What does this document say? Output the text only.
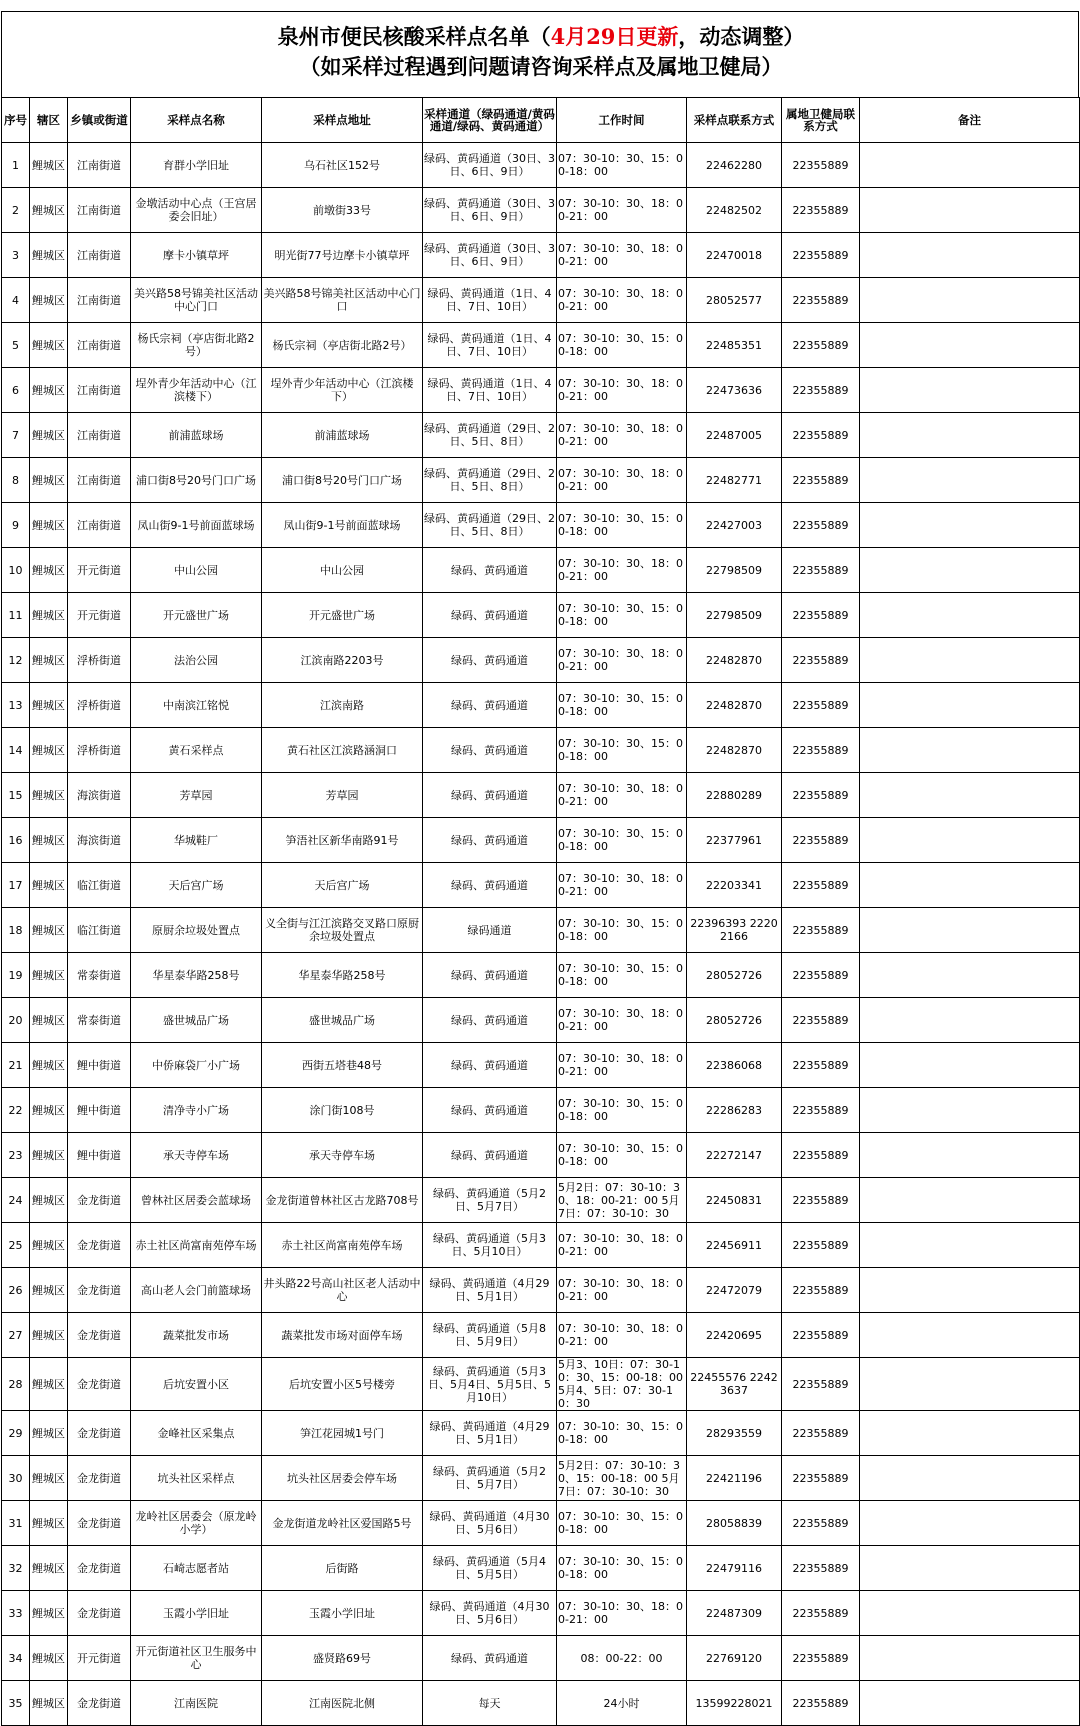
泉州市便民核酸采样点名单（4月29日更新，动态调整）
（如采样过程遇到问题请咨询采样点及属地卫健局）
序号	辖区	乡镇或街道	采样点名称	采样点地址	采样通道（绿码通道/黄码通道/绿码、黄码通道）	工作时间	采样点联系方式	属地卫健局联系方式	备注
1	鲤城区	江南街道	育群小学旧址	乌石社区152号	绿码、黄码通道（30日、3日、6日、9日）	07：30-10：30、15：00-18：00	22462280	22355889	
2	鲤城区	江南街道	金墩活动中心点（王宫居委会旧址）	前墩街33号	绿码、黄码通道（30日、3日、6日、9日）	07：30-10：30、18：00-21：00	22482502	22355889	
3	鲤城区	江南街道	摩卡小镇草坪	明光街77号边摩卡小镇草坪	绿码、黄码通道（30日、3日、6日、9日）	07：30-10：30、18：00-21：00	22470018	22355889	
4	鲤城区	江南街道	美兴路58号锦美社区活动中心门口	美兴路58号锦美社区活动中心门口	绿码、黄码通道（1日、4日、7日、10日）	07：30-10：30、18：00-21：00	28052577	22355889	
5	鲤城区	江南街道	杨氏宗祠（亭店街北路2号）	杨氏宗祠（亭店街北路2号）	绿码、黄码通道（1日、4日、7日、10日）	07：30-10：30、15：00-18：00	22485351	22355889	
6	鲤城区	江南街道	埕外青少年活动中心（江滨楼下）	埕外青少年活动中心（江滨楼下）	绿码、黄码通道（1日、4日、7日、10日）	07：30-10：30、18：00-21：00	22473636	22355889	
7	鲤城区	江南街道	前浦蓝球场	前浦蓝球场	绿码、黄码通道（29日、2日、5日、8日）	07：30-10：30、18：00-21：00	22487005	22355889	
8	鲤城区	江南街道	浦口街8号20号门口广场	浦口街8号20号门口广场	绿码、黄码通道（29日、2日、5日、8日）	07：30-10：30、18：00-21：00	22482771	22355889	
9	鲤城区	江南街道	凤山街9-1号前面蓝球场	凤山街9-1号前面蓝球场	绿码、黄码通道（29日、2日、5日、8日）	07：30-10：30、15：00-18：00	22427003	22355889	
10	鲤城区	开元街道	中山公园	中山公园	绿码、黄码通道	07：30-10：30、18：00-21：00	22798509	22355889	
11	鲤城区	开元街道	开元盛世广场	开元盛世广场	绿码、黄码通道	07：30-10：30、15：00-18：00	22798509	22355889	
12	鲤城区	浮桥街道	法治公园	江滨南路2203号	绿码、黄码通道	07：30-10：30、18：00-21：00	22482870	22355889	
13	鲤城区	浮桥街道	中南滨江铭悦	江滨南路	绿码、黄码通道	07：30-10：30、15：00-18：00	22482870	22355889	
14	鲤城区	浮桥街道	黄石采样点	黄石社区江滨路涵洞口	绿码、黄码通道	07：30-10：30、15：00-18：00	22482870	22355889	
15	鲤城区	海滨街道	芳草园	芳草园	绿码、黄码通道	07：30-10：30、18：00-21：00	22880289	22355889	
16	鲤城区	海滨街道	华城鞋厂	笋浯社区新华南路91号	绿码、黄码通道	07：30-10：30、15：00-18：00	22377961	22355889	
17	鲤城区	临江街道	天后宫广场	天后宫广场	绿码、黄码通道	07：30-10：30、18：00-21：00	22203341	22355889	
18	鲤城区	临江街道	原厨余垃圾处置点	义全街与江江滨路交叉路口原厨余垃圾处置点	绿码通道	07：30-10：30、15：00-18：00	22396393 22202166	22355889	
19	鲤城区	常泰街道	华星泰华路258号	华星泰华路258号	绿码、黄码通道	07：30-10：30、15：00-18：00	28052726	22355889	
20	鲤城区	常泰街道	盛世城品广场	盛世城品广场	绿码、黄码通道	07：30-10：30、18：00-21：00	28052726	22355889	
21	鲤城区	鲤中街道	中侨麻袋厂小广场	西街五塔巷48号	绿码、黄码通道	07：30-10：30、18：00-21：00	22386068	22355889	
22	鲤城区	鲤中街道	清净寺小广场	涂门街108号	绿码、黄码通道	07：30-10：30、15：00-18：00	22286283	22355889	
23	鲤城区	鲤中街道	承天寺停车场	承天寺停车场	绿码、黄码通道	07：30-10：30、15：00-18：00	22272147	22355889	
24	鲤城区	金龙街道	曾林社区居委会蓝球场	金龙街道曾林社区古龙路708号	绿码、黄码通道（5月2日、5月7日）	5月2日：07：30-10：30、18：00-21：00 5月7日：07：30-10：30	22450831	22355889	
25	鲤城区	金龙街道	赤土社区尚富南苑停车场	赤土社区尚富南苑停车场	绿码、黄码通道（5月3日、5月10日）	07：30-10：30、18：00-21：00	22456911	22355889	
26	鲤城区	金龙街道	高山老人会门前篮球场	井头路22号高山社区老人活动中心	绿码、黄码通道（4月29日、5月1日）	07：30-10：30、18：00-21：00	22472079	22355889	
27	鲤城区	金龙街道	蔬菜批发市场	蔬菜批发市场对面停车场	绿码、黄码通道（5月8日、5月9日）	07：30-10：30、18：00-21：00	22420695	22355889	
28	鲤城区	金龙街道	后坑安置小区	后坑安置小区5号楼旁	绿码、黄码通道（5月3日、5月4日、5月5日、5月10日）	5月3、10日：07：30-10：30、15：00-18：00 5月4、5日：07：30-10：30	22455576 22423637	22355889	
29	鲤城区	金龙街道	金峰社区采集点	笋江花园城1号门	绿码、黄码通道（4月29日、5月1日）	07：30-10：30、15：00-18：00	28293559	22355889	
30	鲤城区	金龙街道	坑头社区采样点	坑头社区居委会停车场	绿码、黄码通道（5月2日、5月7日）	5月2日：07：30-10：30、15：00-18：00 5月7日：07：30-10：30	22421196	22355889	
31	鲤城区	金龙街道	龙岭社区居委会（原龙岭小学）	金龙街道龙岭社区爱国路5号	绿码、黄码通道（4月30日、5月6日）	07：30-10：30、15：00-18：00	28058839	22355889	
32	鲤城区	金龙街道	石崎志愿者站	后街路	绿码、黄码通道（5月4日、5月5日）	07：30-10：30、15：00-18：00	22479116	22355889	
33	鲤城区	金龙街道	玉霞小学旧址	玉霞小学旧址	绿码、黄码通道（4月30日、5月6日）	07：30-10：30、18：00-21：00	22487309	22355889	
34	鲤城区	开元街道	开元街道社区卫生服务中心	盛贤路69号	绿码、黄码通道	08：00-22：00	22769120	22355889	
35	鲤城区	金龙街道	江南医院	江南医院北侧	每天	24小时	13599228021	22355889	
